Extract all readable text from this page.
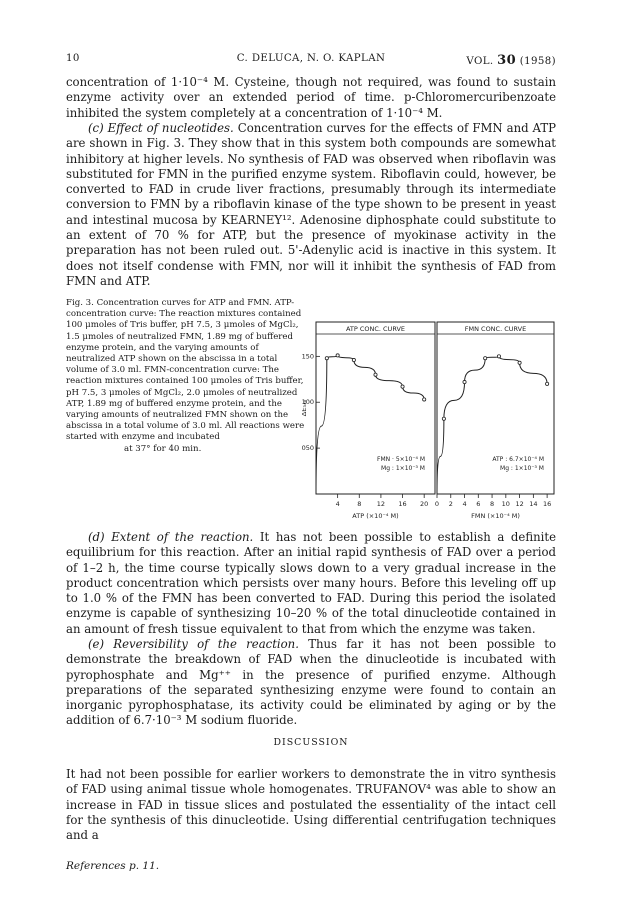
10	C. DELUCA, N. O. KAPLAN	VOL. 30 (1958)

concentration of 1·10⁻⁴ M. Cysteine, though not required, was found to sustain enzyme activity over an extended period of time. p-Chloromercuribenzoate inhibited the system completely at a concentration of 1·10⁻⁴ M.

(c) Effect of nucleotides. Concentration curves for the effects of FMN and ATP are shown in Fig. 3. They show that in this system both compounds are somewhat inhibitory at higher levels. No synthesis of FAD was observed when riboflavin was substituted for FMN in the purified enzyme system. Riboflavin could, however, be converted to FAD in crude liver fractions, presumably through its intermediate conversion to FMN by a riboflavin kinase of the type shown to be present in yeast and intestinal mucosa by KEARNEY¹². Adenosine diphosphate could substitute to an extent of 70 % for ATP, but the presence of myokinase activity in the preparation has not been ruled out. 5'-Adenylic acid is inactive in this system. It does not itself condense with FMN, nor will it inhibit the synthesis of FAD from FMN and ATP.

Fig. 3. Concentration curves for ATP and FMN. ATP-concentration curve: The reaction mixtures contained 100 μmoles of Tris buffer, pH 7.5, 3 μmoles of MgCl₂, 1.5 μmoles of neutralized FMN, 1.89 mg of buffered enzyme protein, and the varying amounts of neutralized ATP shown on the abscissa in a total volume of 3.0 ml. FMN-concentration curve: The reaction mixtures contained 100 μmoles of Tris buffer, pH 7.5, 3 μmoles of MgCl₂, 2.0 μmoles of neutralized ATP, 1.89 mg of buffered enzyme protein, and the varying amounts of neutralized FMN shown on the abscissa in a total volume of 3.0 ml. All reactions were started with enzyme and incubated
at 37° for 40 min.

ATP CONC. CURVE
4	8 12 16 20
ATP (×10⁻⁴ M)
050
100
150
ΔE₃₄₀
FMN · 5×10⁻⁴ M
Mg : 1×10⁻³ M
FMN CONC. CURVE
0 2 4 6 8 10 12 14 16
FMN (×10⁻⁴ M)
ATP : 6.7×10⁻⁴ M
Mg : 1×10⁻³ M

(d) Extent of the reaction. It has not been possible to establish a definite equilibrium for this reaction. After an initial rapid synthesis of FAD over a period of 1–2 h, the time course typically slows down to a very gradual increase in the product concentration which persists over many hours. Before this leveling off up to 1.0 % of the FMN has been converted to FAD. During this period the isolated enzyme is capable of synthesizing 10–20 % of the total dinucleotide contained in an amount of fresh tissue equivalent to that from which the enzyme was taken.

(e) Reversibility of the reaction. Thus far it has not been possible to demonstrate the breakdown of FAD when the dinucleotide is incubated with pyrophosphate and Mg⁺⁺ in the presence of purified enzyme. Although preparations of the separated synthesizing enzyme were found to contain an inorganic pyrophosphatase, its activity could be eliminated by aging or by the addition of 6.7·10⁻³ M sodium fluoride.

DISCUSSION

It had not been possible for earlier workers to demonstrate the in vitro synthesis of FAD using animal tissue whole homogenates. TRUFANOV⁴ was able to show an increase in FAD in tissue slices and postulated the essentiality of the intact cell for the synthesis of this dinucleotide. Using differential centrifugation techniques and a

References p. 11.
